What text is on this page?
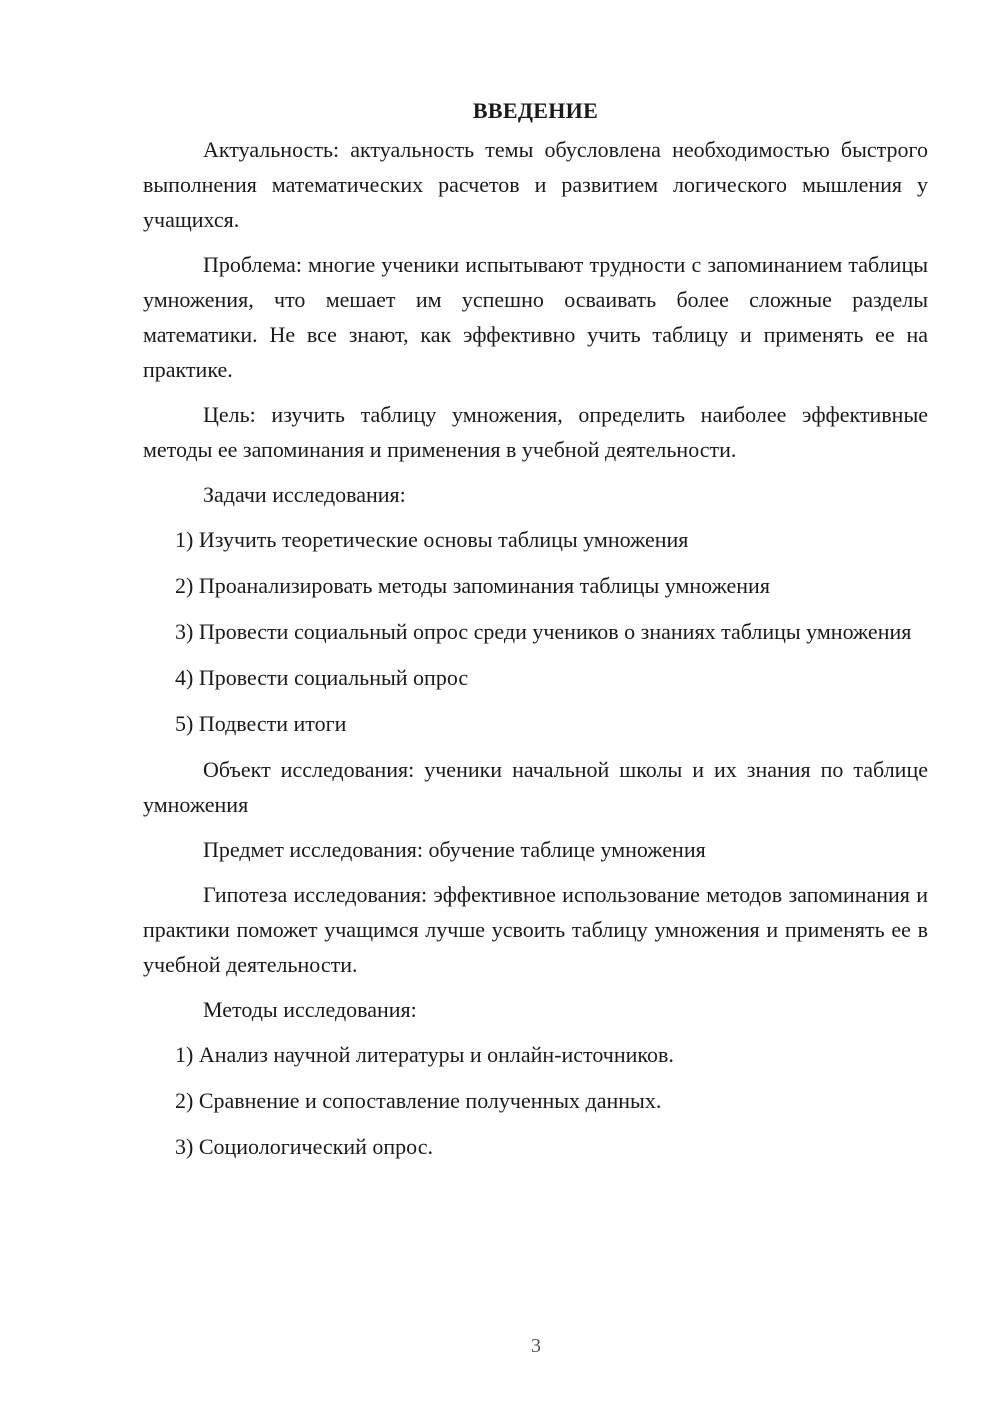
ВВЕДЕНИЕ

Актуальность: актуальность темы обусловлена необходимостью быстрого выполнения математических расчетов и развитием логического мышления у учащихся.

Проблема: многие ученики испытывают трудности с запоминанием таблицы умножения, что мешает им успешно осваивать более сложные разделы математики. Не все знают, как эффективно учить таблицу и применять ее на практике.

Цель: изучить таблицу умножения, определить наиболее эффективные методы ее запоминания и применения в учебной деятельности.

Задачи исследования:

1) Изучить теоретические основы таблицы умножения

2) Проанализировать методы запоминания таблицы умножения

3) Провести социальный опрос среди учеников о знаниях таблицы умножения

4) Провести социальный опрос

5) Подвести итоги

Объект исследования: ученики начальной школы и их знания по таблице умножения

Предмет исследования: обучение таблице умножения

Гипотеза исследования: эффективное использование методов запоминания и практики поможет учащимся лучше усвоить таблицу умножения и применять ее в учебной деятельности.

Методы исследования:

1) Анализ научной литературы и онлайн-источников.

2) Сравнение и сопоставление полученных данных.

3) Социологический опрос.

3
